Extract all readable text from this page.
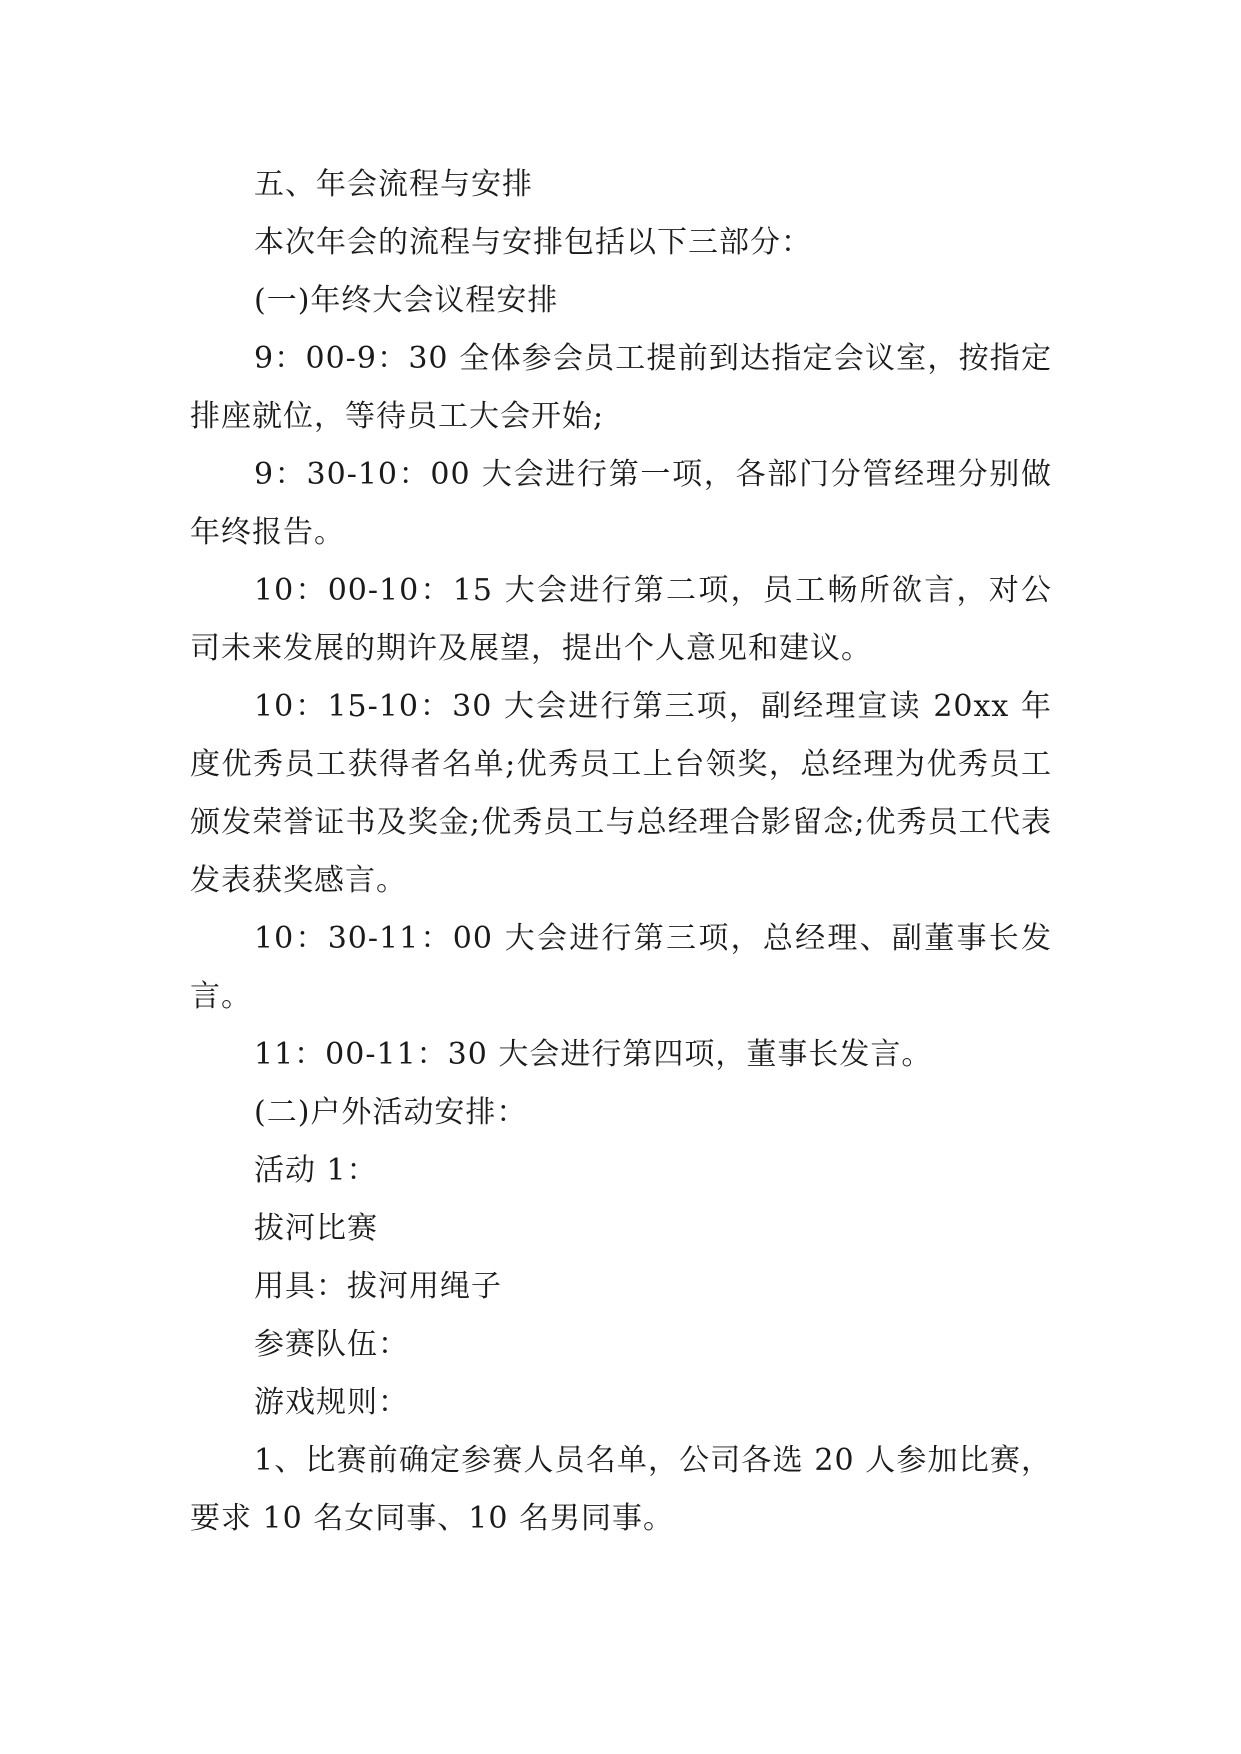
五、年会流程与安排

本次年会的流程与安排包括以下三部分：

(一)年终大会议程安排

9：00-9：30 全体参会员工提前到达指定会议室，按指定排座就位，等待员工大会开始;

9：30-10：00 大会进行第一项，各部门分管经理分别做年终报告。

10：00-10：15 大会进行第二项，员工畅所欲言，对公司未来发展的期许及展望，提出个人意见和建议。

10：15-10：30 大会进行第三项，副经理宣读 20xx 年度优秀员工获得者名单;优秀员工上台领奖，总经理为优秀员工颁发荣誉证书及奖金;优秀员工与总经理合影留念;优秀员工代表发表获奖感言。

10：30-11：00 大会进行第三项，总经理、副董事长发言。

11：00-11：30 大会进行第四项，董事长发言。

(二)户外活动安排：

活动 1：

拔河比赛

用具：拔河用绳子

参赛队伍：

游戏规则：

1、比赛前确定参赛人员名单，公司各选 20 人参加比赛，要求 10 名女同事、10 名男同事。
